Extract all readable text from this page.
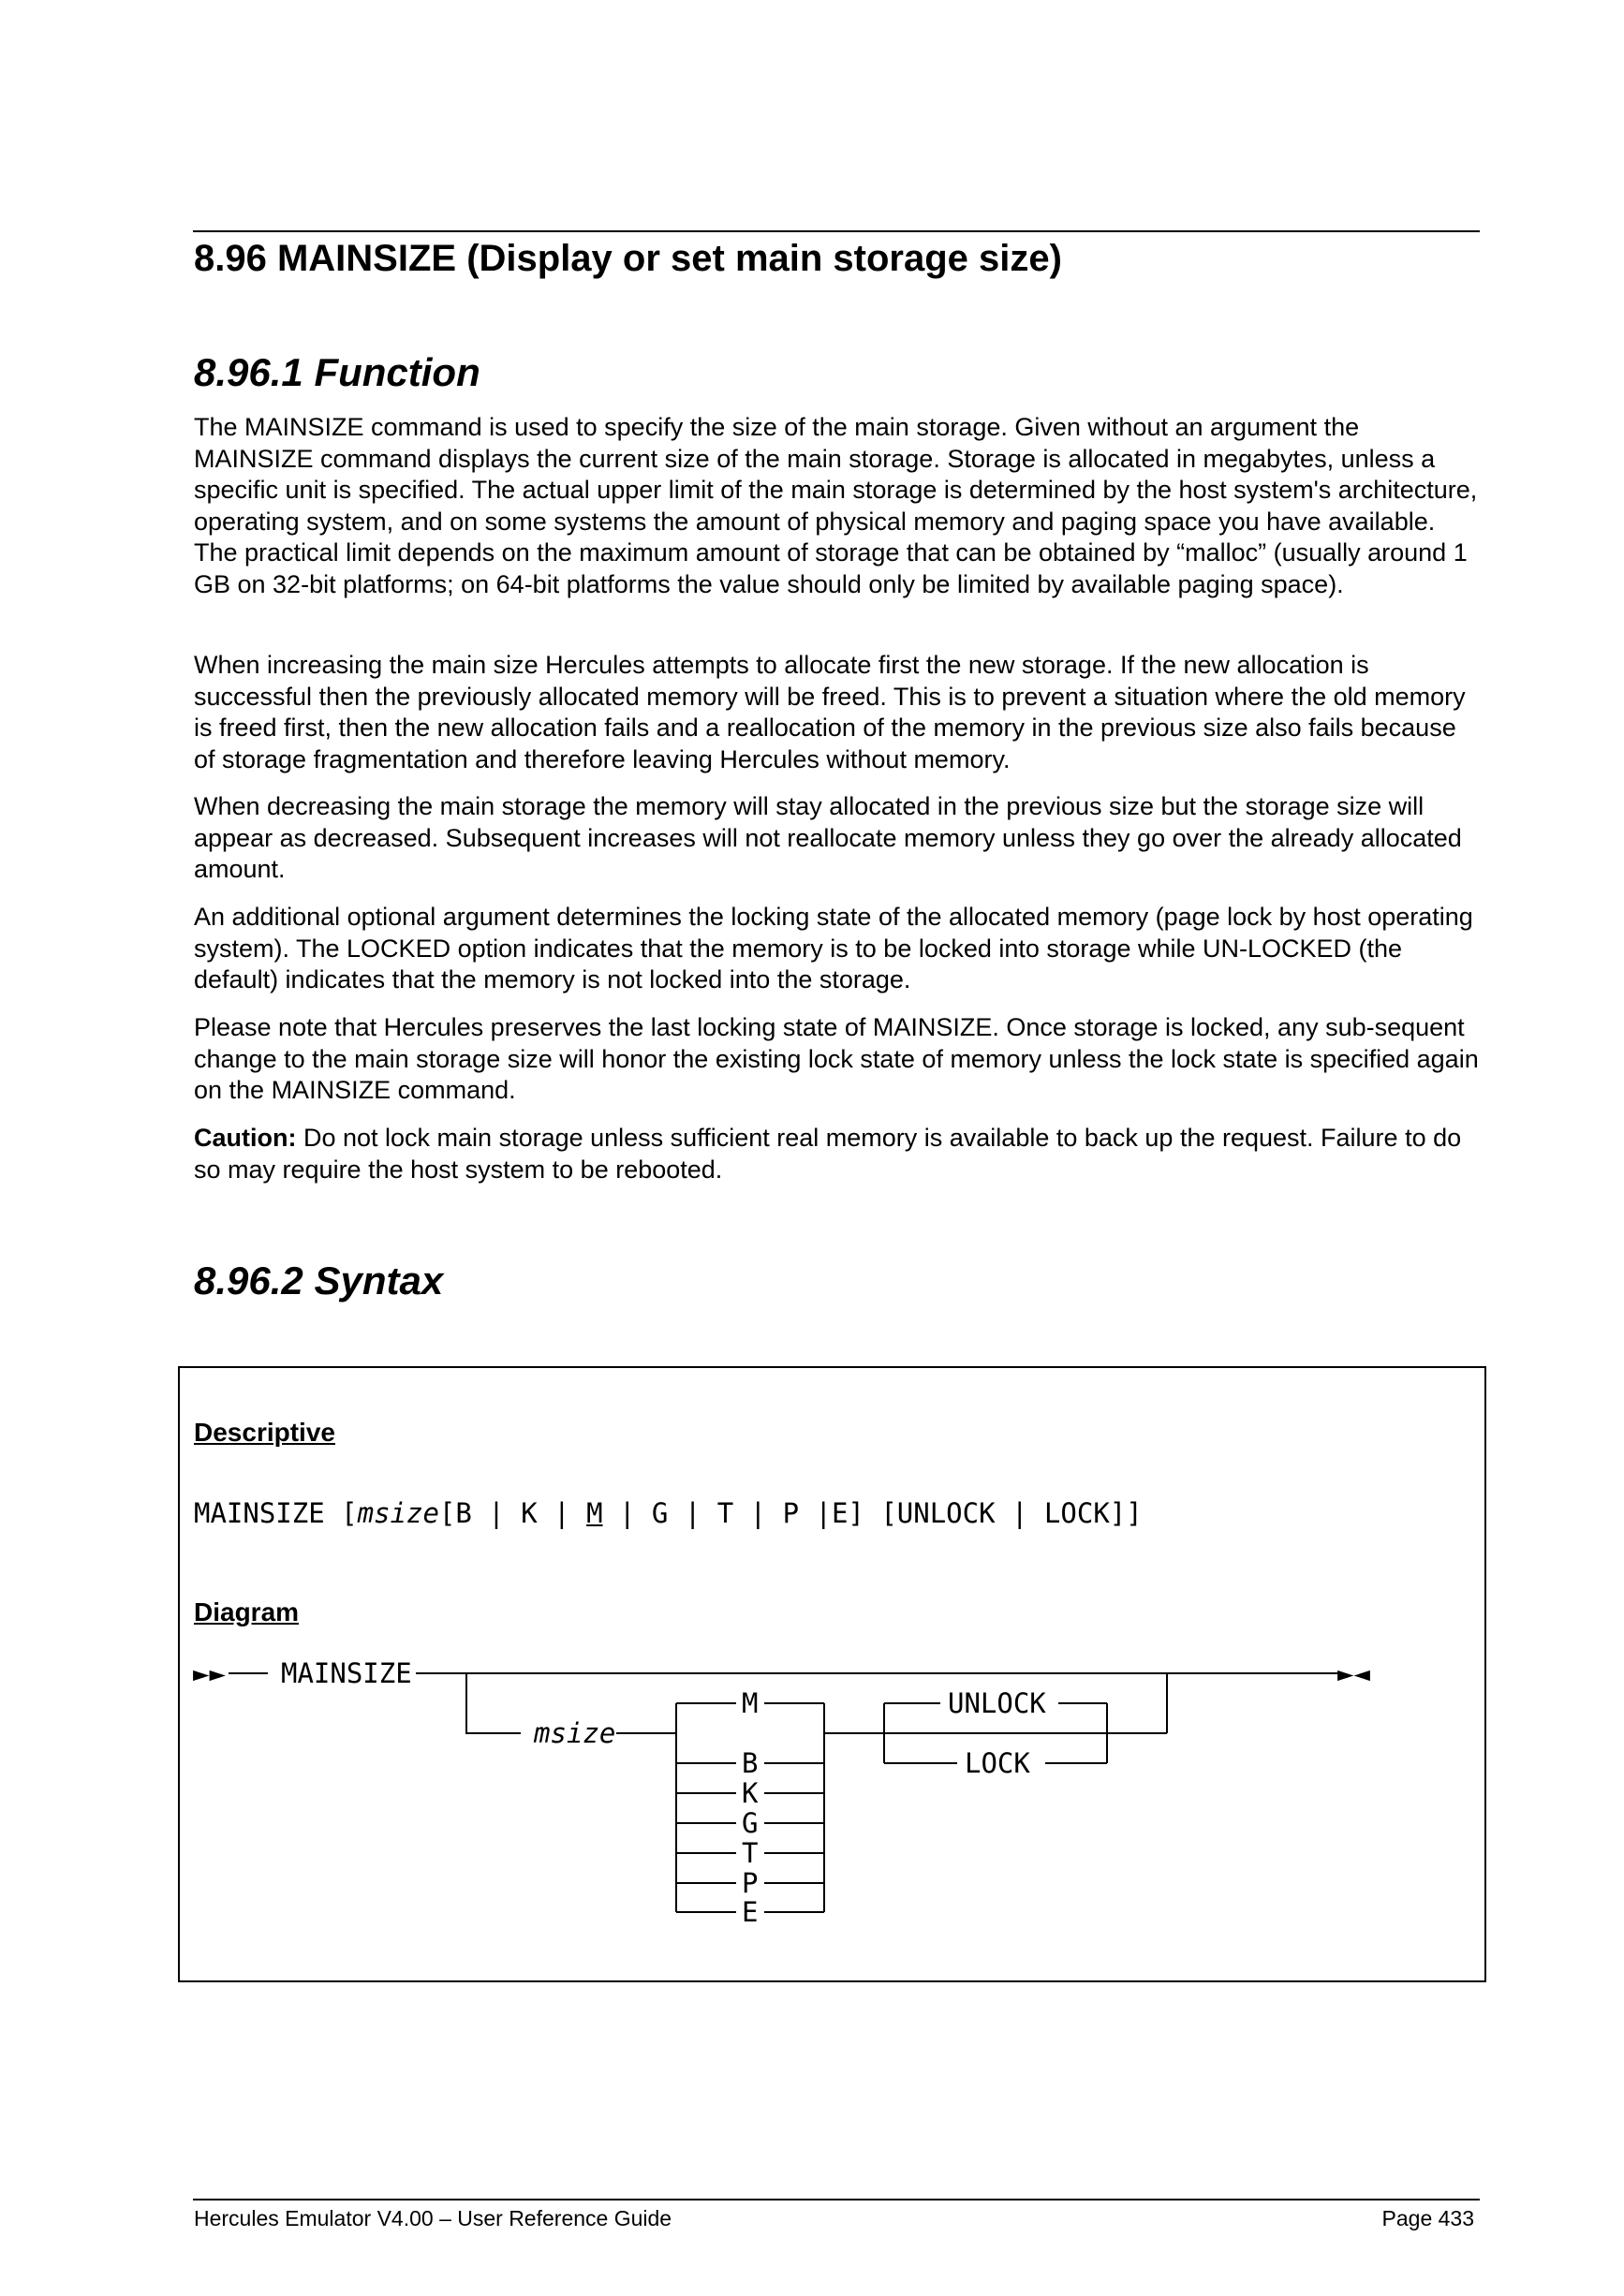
8.96 MAINSIZE (Display or set main storage size)
8.96.1 Function

The MAINSIZE command is used to specify the size of the main storage. Given without an argument the MAINSIZE command displays the current size of the main storage. Storage is allocated in megabytes, unless a specific unit is specified. The actual upper limit of the main storage is determined by the host system's architecture, operating system, and on some systems the amount of physical memory and paging space you have available. The practical limit depends on the maximum amount of storage that can be obtained by “malloc” (usually around 1 GB on 32-bit platforms; on 64-bit platforms the value should only be limited by available paging space).

When increasing the main size Hercules attempts to allocate first the new storage. If the new allocation is successful then the previously allocated memory will be freed. This is to prevent a situation where the old memory is freed first, then the new allocation fails and a reallocation of the memory in the previous size also fails because of storage fragmentation and therefore leaving Hercules without memory.

When decreasing the main storage the memory will stay allocated in the previous size but the storage size will appear as decreased. Subsequent increases will not reallocate memory unless they go over the already allocated amount.

An additional optional argument determines the locking state of the allocated memory (page lock by host operating system). The LOCKED option indicates that the memory is to be locked into storage while UN-LOCKED (the default) indicates that the memory is not locked into the storage.

Please note that Hercules preserves the last locking state of MAINSIZE. Once storage is locked, any sub-sequent change to the main storage size will honor the existing lock state of memory unless the lock state is specified again on the MAINSIZE command.

Caution: Do not lock main storage unless sufficient real memory is available to back up the request. Failure to do so may require the host system to be rebooted.

8.96.2 Syntax
Descriptive
MAINSIZE [msize[B | K | M | G | T | P |E] [UNLOCK | LOCK]]
Diagram
►► MAINSIZE	►◄
msize
M
B
K
G
T
P
E
UNLOCK
LOCK
Hercules Emulator V4.00 – User Reference Guide	Page 433
